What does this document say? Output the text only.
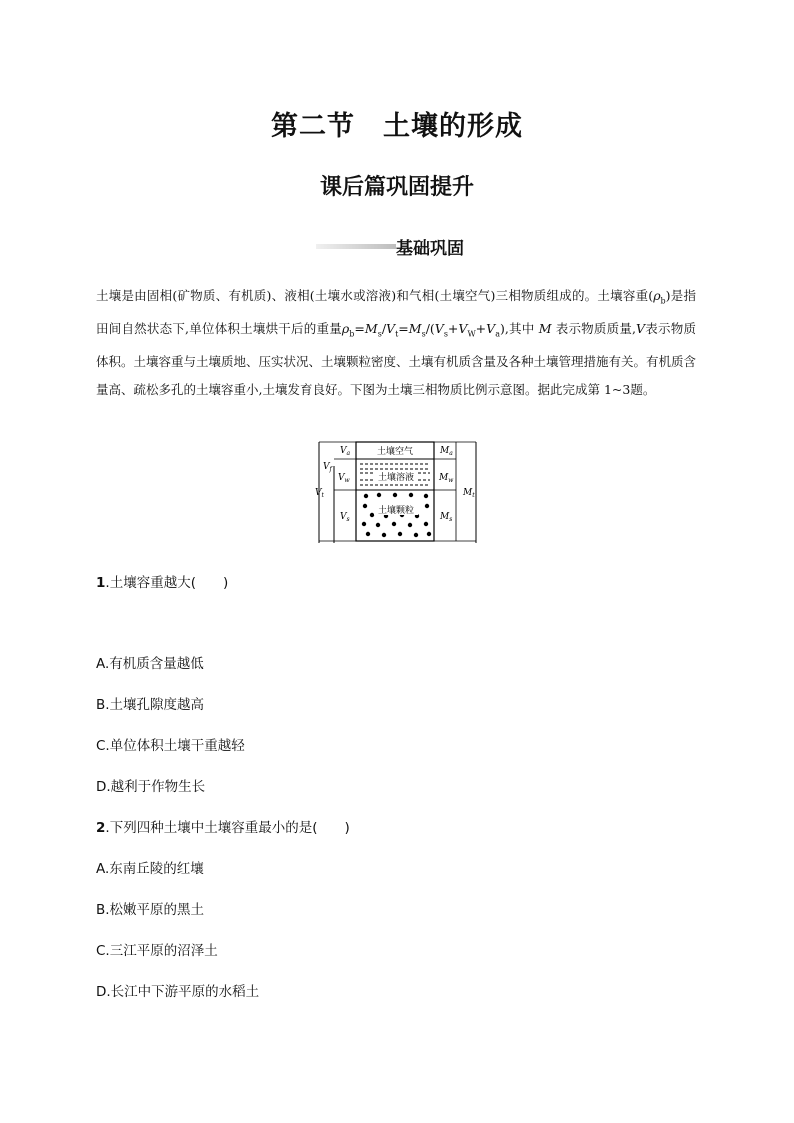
第二节　土壤的形成
课后篇巩固提升
基础巩固

土壤是由固相(矿物质、有机质)、液相(土壤水或溶液)和气相(土壤空气)三相物质组成的。土壤容重$(\rho_b)$是指田间自然状态下,单位体积土壤烘干后的重量$\rho_b=M_s/V_t=M_s/(V_s+V_W+V_a)$,其中 M 表示物质质量,V表示物质体积。土壤容重与土壤质地、压实状况、土壤颗粒密度、土壤有机质含量及各种土壤管理措施有关。有机质含量高、疏松多孔的土壤容重小,土壤发育良好。下图为土壤三相物质比例示意图。据此完成第 1~3题。

土壤空气
土壤溶液
土壤颗粒
$V_a$
$V_f$
$V_w$
$V_t$
$V_s$
$M_a$
$M_w$
$M_t$
$M_s$

1.土壤容重越大(　　)

A.有机质含量越低

B.土壤孔隙度越高

C.单位体积土壤干重越轻

D.越利于作物生长

2.下列四种土壤中土壤容重最小的是(　　)

A.东南丘陵的红壤

B.松嫩平原的黑土

C.三江平原的沼泽土

D.长江中下游平原的水稻土
